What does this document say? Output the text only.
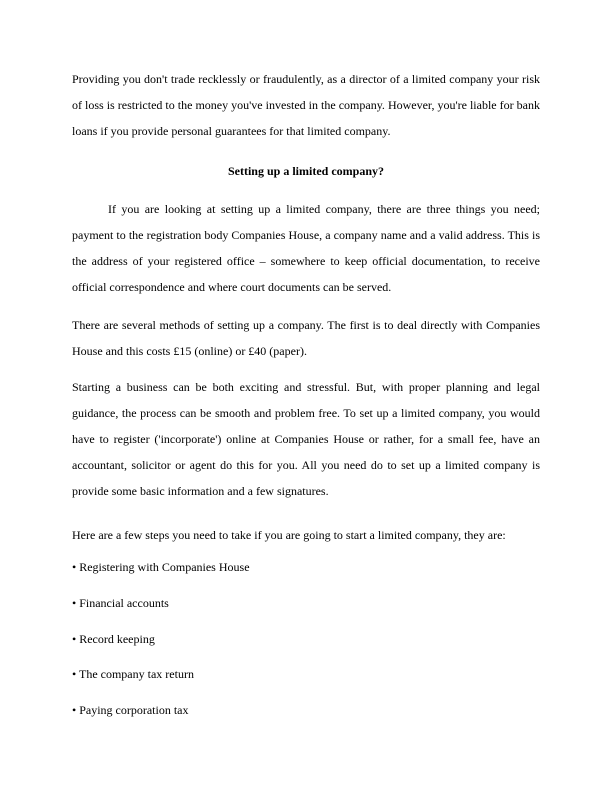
Providing you don't trade recklessly or fraudulently, as a director of a limited company your risk of loss is restricted to the money you've invested in the company. However, you're liable for bank loans if you provide personal guarantees for that limited company.

Setting up a limited company?

If you are looking at setting up a limited company, there are three things you need; payment to the registration body Companies House, a company name and a valid address. This is the address of your registered office – somewhere to keep official documentation, to receive official correspondence and where court documents can be served.

There are several methods of setting up a company. The first is to deal directly with Companies House and this costs £15 (online) or £40 (paper).

Starting a business can be both exciting and stressful. But, with proper planning and legal guidance, the process can be smooth and problem free. To set up a limited company, you would have to register ('incorporate') online at Companies House or rather, for a small fee, have an accountant, solicitor or agent do this for you. All you need do to set up a limited company is provide some basic information and a few signatures.

Here are a few steps you need to take if you are going to start a limited company, they are:

• Registering with Companies House
• Financial accounts
• Record keeping
• The company tax return
• Paying corporation tax
